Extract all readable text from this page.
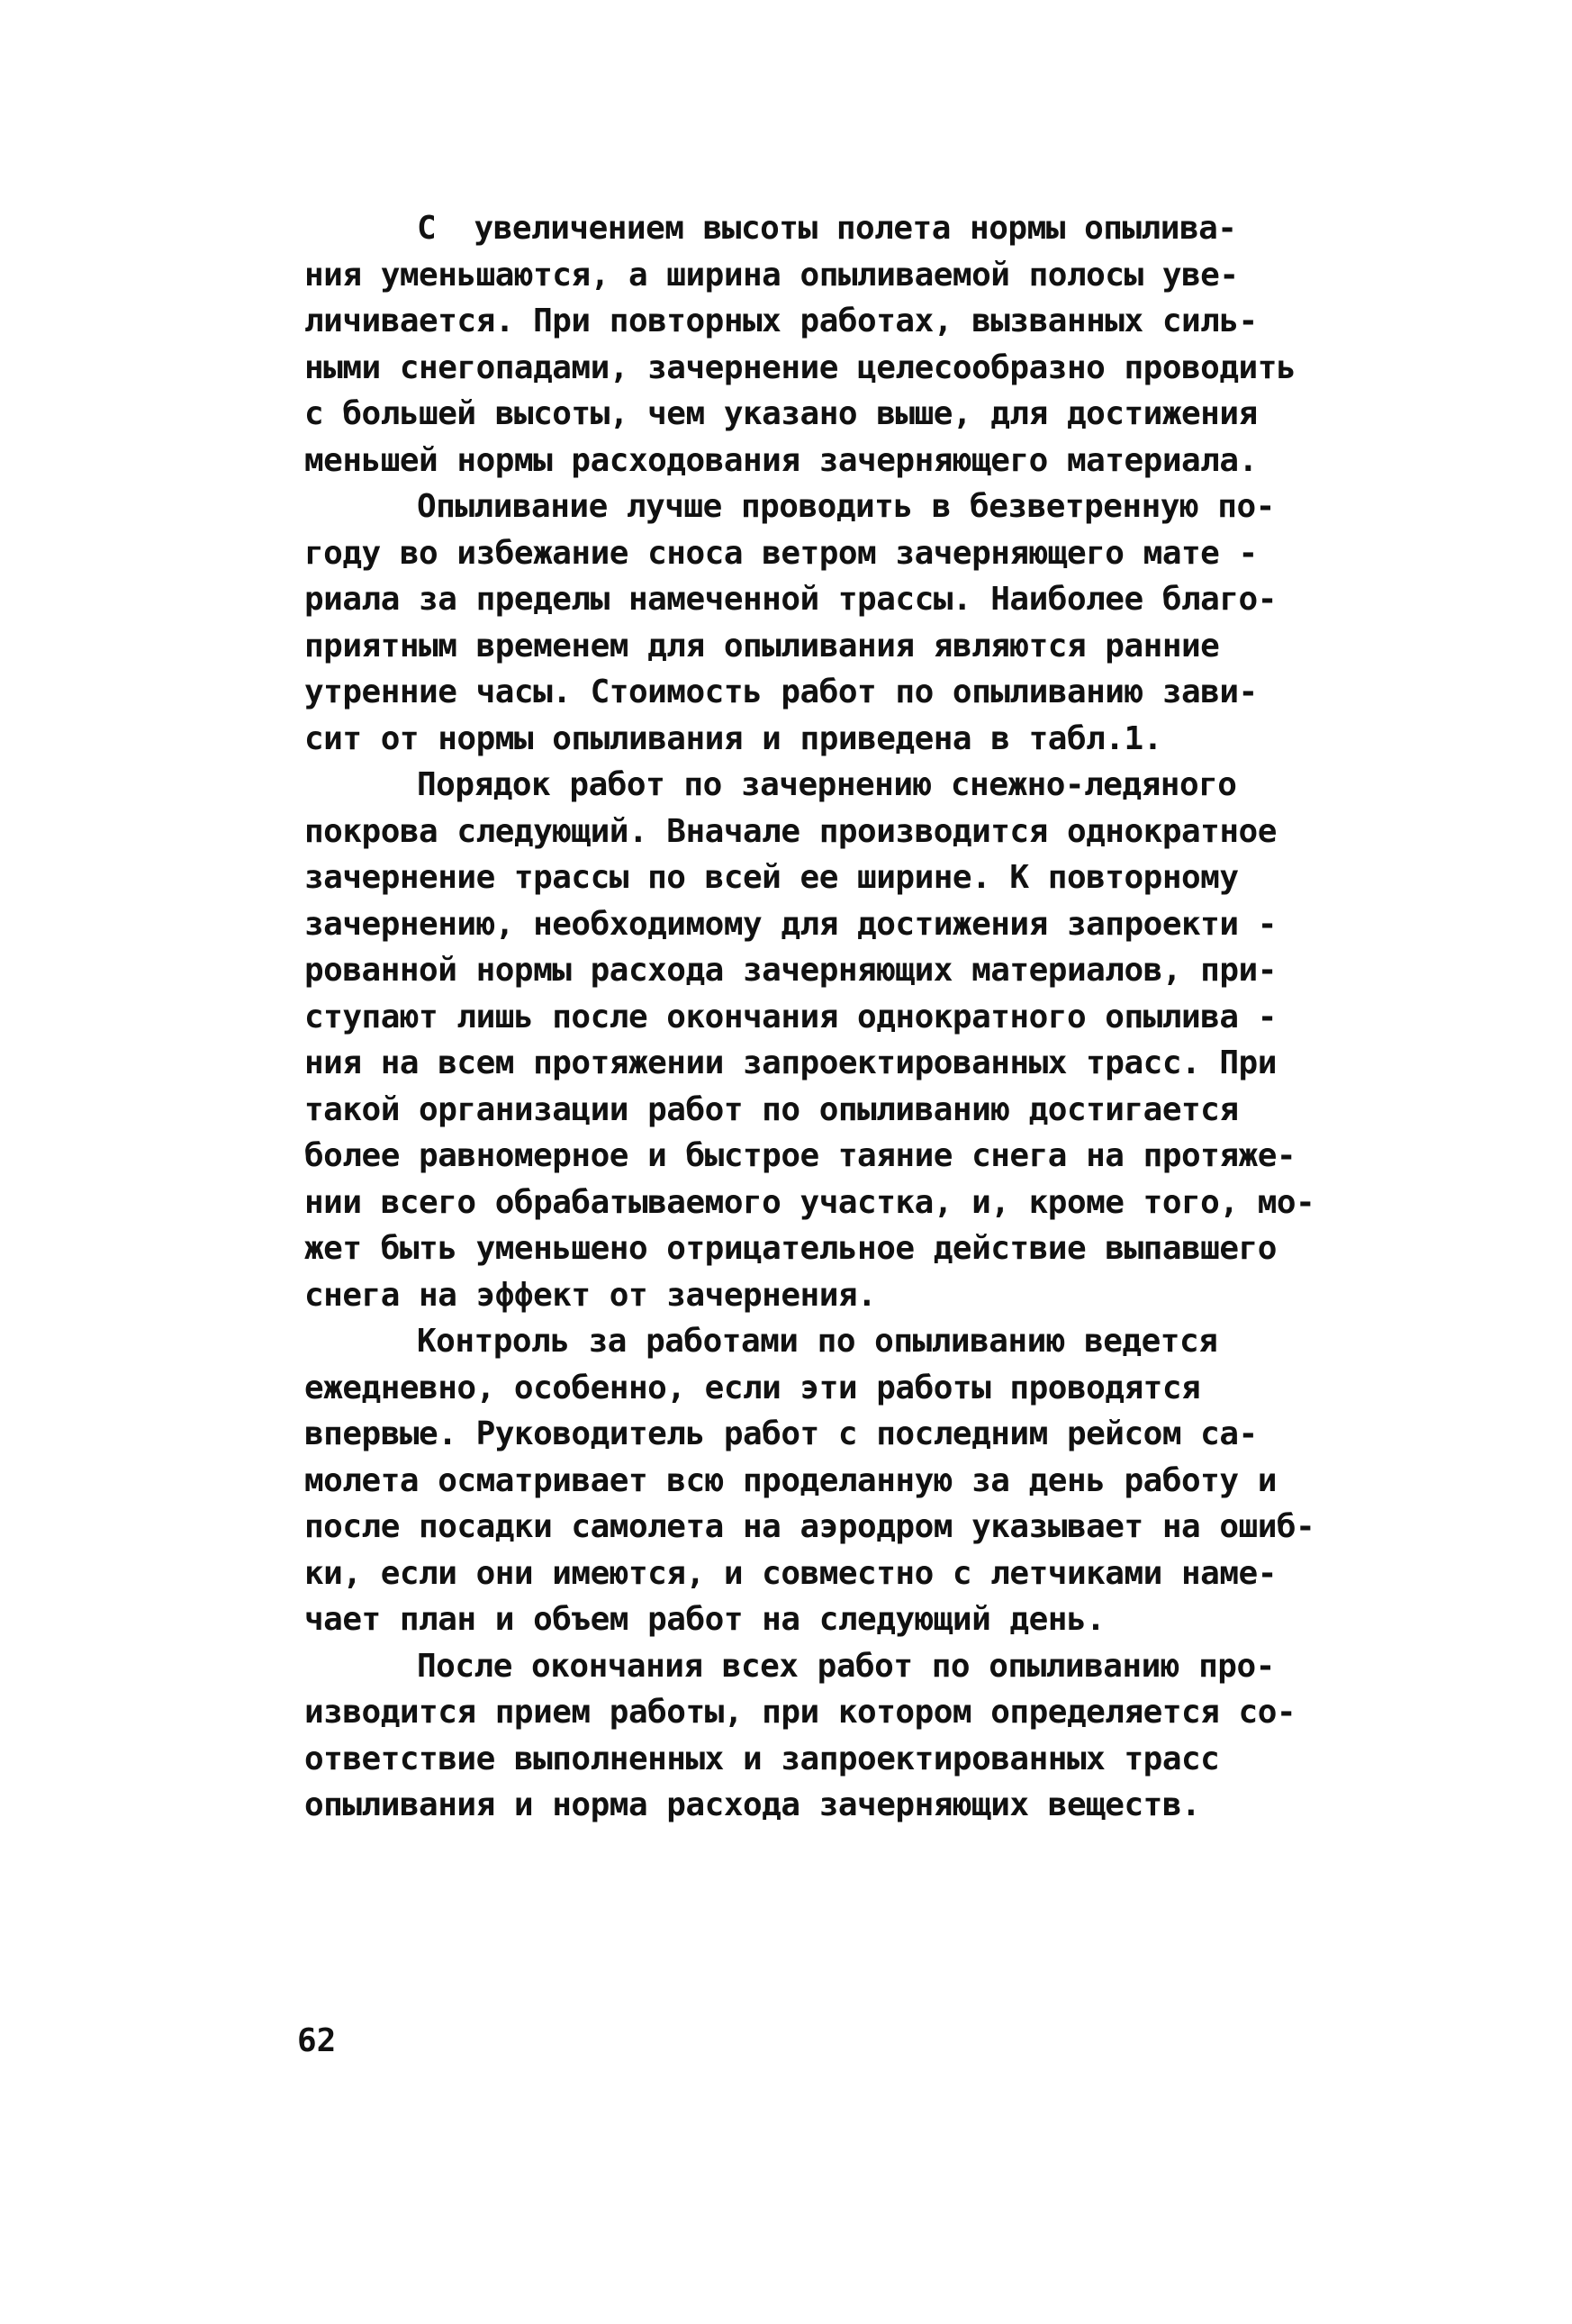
С  увеличением высоты полета нормы опылива-
ния уменьшаются, а ширина опыливаемой полосы уве-
личивается. При повторных работах, вызванных силь-
ными снегопадами, зачернение целесообразно проводить
с большей высоты, чем указано выше, для достижения
меньшей нормы расходования зачерняющего материала.
Опыливание лучше проводить в безветренную по-
году во избежание сноса ветром зачерняющего мате -
риала за пределы намеченной трассы. Наиболее благо-
приятным временем для опыливания являются ранние
утренние часы. Стоимость работ по опыливанию зави-
сит от нормы опыливания и приведена в табл.1.
Порядок работ по зачернению снежно-ледяного
покрова следующий. Вначале производится однократное
зачернение трассы по всей ее ширине. К повторному
зачернению, необходимому для достижения запроекти -
рованной нормы расхода зачерняющих материалов, при-
ступают лишь после окончания однократного опылива -
ния на всем протяжении запроектированных трасс. При
такой организации работ по опыливанию достигается
более равномерное и быстрое таяние снега на протяже-
нии всего обрабатываемого участка, и, кроме того, мо-
жет быть уменьшено отрицательное действие выпавшего
снега на эффект от зачернения.
Контроль за работами по опыливанию ведется
ежедневно, особенно, если эти работы проводятся
впервые. Руководитель работ с последним рейсом са-
молета осматривает всю проделанную за день работу и
после посадки самолета на аэродром указывает на ошиб-
ки, если они имеются, и совместно с летчиками наме-
чает план и объем работ на следующий день.
После окончания всех работ по опыливанию про-
изводится прием работы, при котором определяется со-
ответствие выполненных и запроектированных трасс
опыливания и норма расхода зачерняющих веществ.
62
